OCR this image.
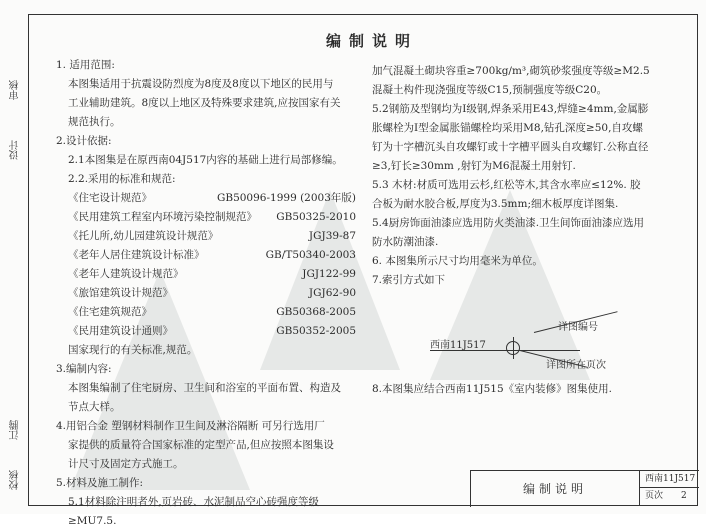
审核
设计
校核
江腾
编制说明

1. 适用范围:

本图集适用于抗震设防烈度为8度及8度以下地区的民用与

工业辅助建筑。8度以上地区及特殊要求建筑,应按国家有关

规范执行。

2.设计依据:

2.1本图集是在原西南04J517内容的基础上进行局部修编。

2.2.采用的标准和规范:

《住宅设计规范》	GB50096-1999 (2003年版)
《民用建筑工程室内环境污染控制规范》 GB50325-2010
《托儿所,幼儿园建筑设计规范》	JGJ39-87
《老年人居住建筑设计标准》	GB/T50340-2003
《老年人建筑设计规范》	JGJ122-99
《旅馆建筑设计规范》	JGJ62-90
《住宅建筑规范》	GB50368-2005
《民用建筑设计通则》	GB50352-2005

国家现行的有关标准,规范。

3.编制内容:

本图集编制了住宅厨房、卫生间和浴室的平面布置、构造及

节点大样。

4.用铝合金 塑钢材料制作卫生间及淋浴隔断 可另行选用厂

家提供的质量符合国家标准的定型产品,但应按照本图集设

计尺寸及固定方式施工。

5.材料及施工制作:

5.1材料除注明者外,页岩砖、水泥制品空心砖强度等级

≥MU7.5.

加气混凝土砌块容重≥700kg/m³,砌筑砂浆强度等级≥M2.5

混凝土构件现浇强度等级C15,预制强度等级C20。

5.2钢筋及型钢均为I级钢,焊条采用E43,焊缝≥4mm,金属膨

胀螺栓为I型金属胀锚螺栓均采用M8,钻孔深度≥50,自攻螺

钉为十字槽沉头自攻螺钉或十字槽平圆头自攻螺钉.公称直径

≥3,钉长≥30mm ,射钉为M6混凝土用射钉.

5.3 木材:材质可选用云杉,红松等木,其含水率应≤12%. 胶

合板为耐水胶合板,厚度为3.5mm;细木板厚度详图集.

5.4厨房饰面油漆应选用防火类油漆.卫生间饰面油漆应选用

防水防潮油漆.

6. 本图集所示尺寸均用毫米为单位。

7.索引方式如下

详图编号
西南11J517
详图所在页次

8.本图集应结合西南11J515《室内装修》图集使用.

编制说明
西南11J517
页次 2
